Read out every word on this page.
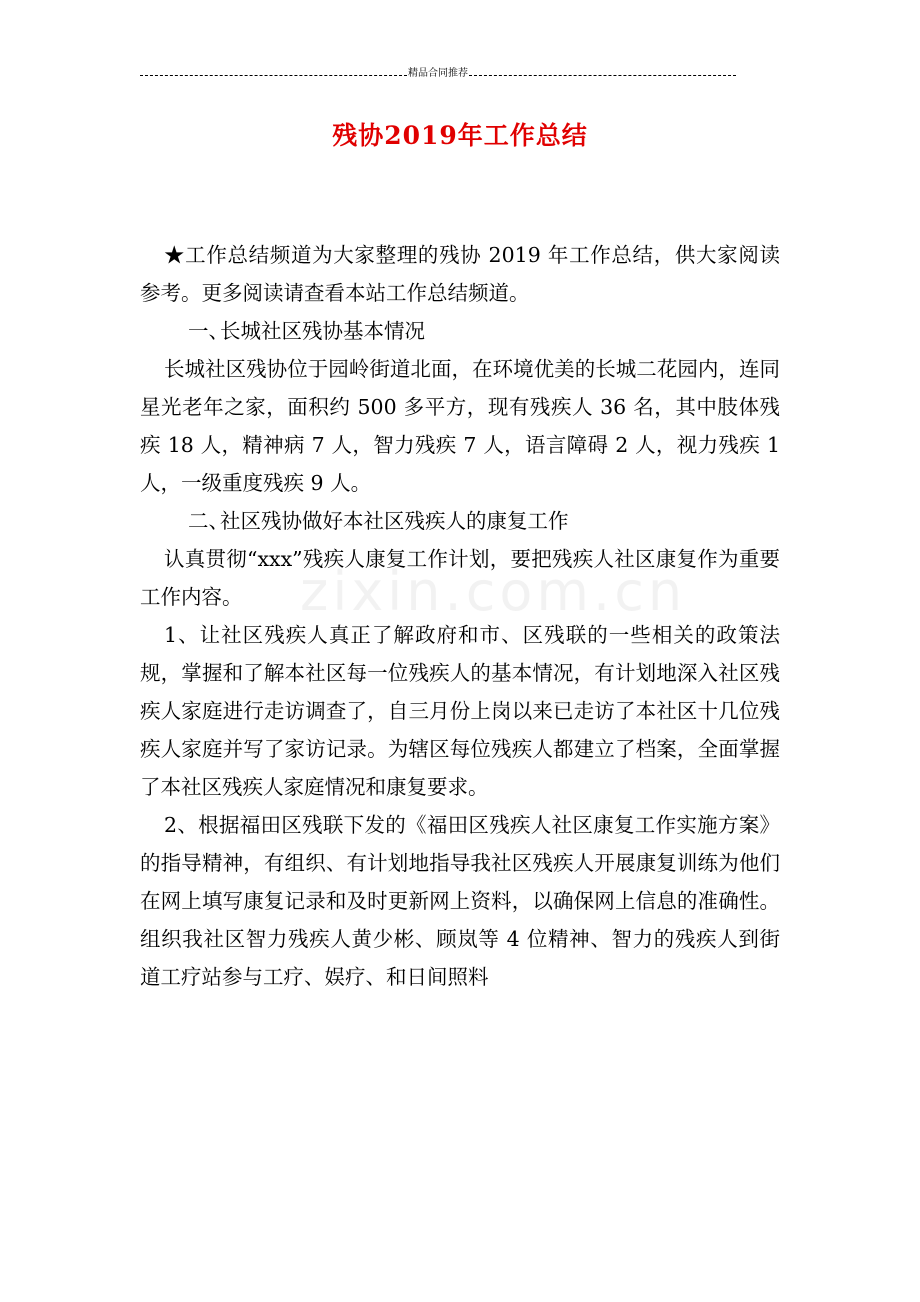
精品合同推荐
残协2019年工作总结
zixin.com.cn

★工作总结频道为大家整理的残协 2019 年工作总结，供大家阅读参考。更多阅读请查看本站工作总结频道。

一、长城社区残协基本情况

长城社区残协位于园岭街道北面，在环境优美的长城二花园内，连同星光老年之家，面积约 500 多平方，现有残疾人 36 名，其中肢体残疾 18 人，精神病 7 人，智力残疾 7 人，语言障碍 2 人，视力残疾 1 人，一级重度残疾 9 人。

二、社区残协做好本社区残疾人的康复工作

认真贯彻“xxx”残疾人康复工作计划，要把残疾人社区康复作为重要工作内容。

1、让社区残疾人真正了解政府和市、区残联的一些相关的政策法规，掌握和了解本社区每一位残疾人的基本情况，有计划地深入社区残疾人家庭进行走访调查了，自三月份上岗以来已走访了本社区十几位残疾人家庭并写了家访记录。为辖区每位残疾人都建立了档案，全面掌握了本社区残疾人家庭情况和康复要求。

2、根据福田区残联下发的《福田区残疾人社区康复工作实施方案》的指导精神，有组织、有计划地指导我社区残疾人开展康复训练为他们在网上填写康复记录和及时更新网上资料，以确保网上信息的准确性。组织我社区智力残疾人黄少彬、顾岚等 4 位精神、智力的残疾人到街道工疗站参与工疗、娱疗、和日间照料
